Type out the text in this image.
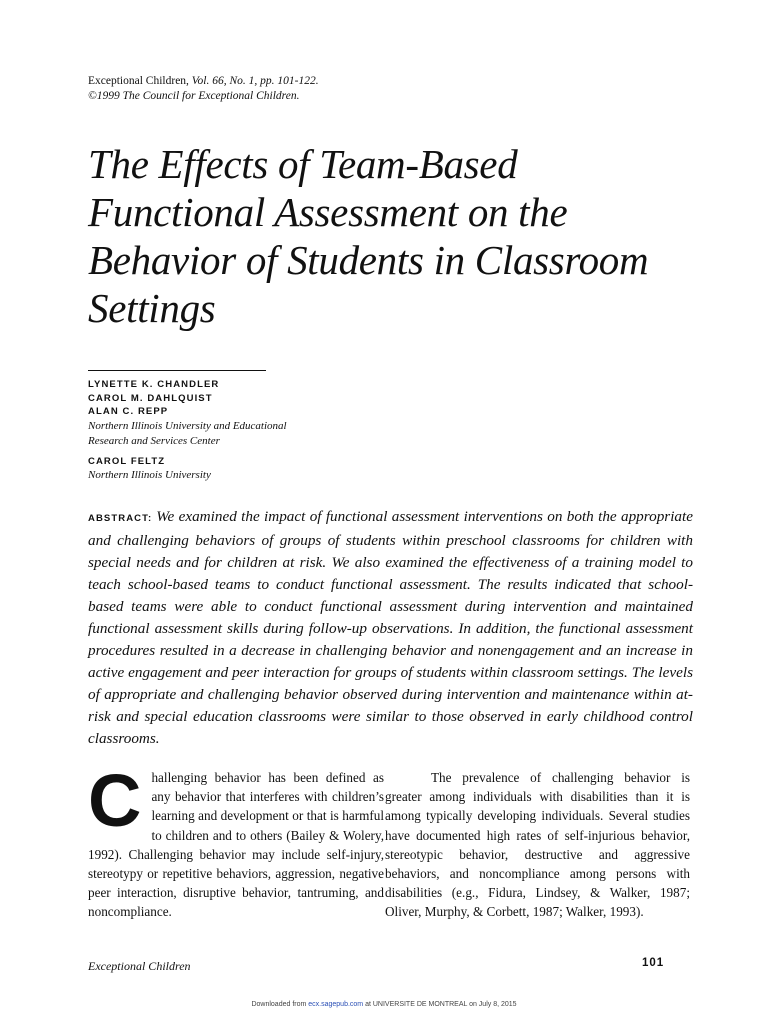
Exceptional Children, Vol. 66, No. 1, pp. 101-122.
©1999 The Council for Exceptional Children.
The Effects of Team-Based Functional Assessment on the Behavior of Students in Classroom Settings
LYNETTE K. CHANDLER
CAROL M. DAHLQUIST
ALAN C. REPP
Northern Illinois University and Educational Research and Services Center
CAROL FELTZ
Northern Illinois University
ABSTRACT: We examined the impact of functional assessment interventions on both the appropriate and challenging behaviors of groups of students within preschool classrooms for children with special needs and for children at risk. We also examined the effectiveness of a training model to teach school-based teams to conduct functional assessment. The results indicated that school-based teams were able to conduct functional assessment during intervention and maintained functional assessment skills during follow-up observations. In addition, the functional assessment procedures resulted in a decrease in challenging behavior and nonengagement and an increase in active engagement and peer interaction for groups of students within classroom settings. The levels of appropriate and challenging behavior observed during intervention and maintenance within at-risk and special education classrooms were similar to those observed in early childhood control classrooms.
Challenging behavior has been defined as any behavior that interferes with children’s learning and development or that is harmful to children and to others (Bailey & Wolery, 1992). Challenging behavior may include self-injury, stereotypy or repetitive behaviors, aggression, negative peer interaction, disruptive behavior, tantruming, and noncompliance.
The prevalence of challenging behavior is greater among individuals with disabilities than it is among typically developing individuals. Several studies have documented high rates of self-injurious behavior, stereotypic behavior, destructive and aggressive behaviors, and noncompliance among persons with disabilities (e.g., Fidura, Lindsey, & Walker, 1987; Oliver, Murphy, & Corbett, 1987; Walker, 1993).
Exceptional Children	101
Downloaded from ecx.sagepub.com at UNIVERSITE DE MONTREAL on July 8, 2015
